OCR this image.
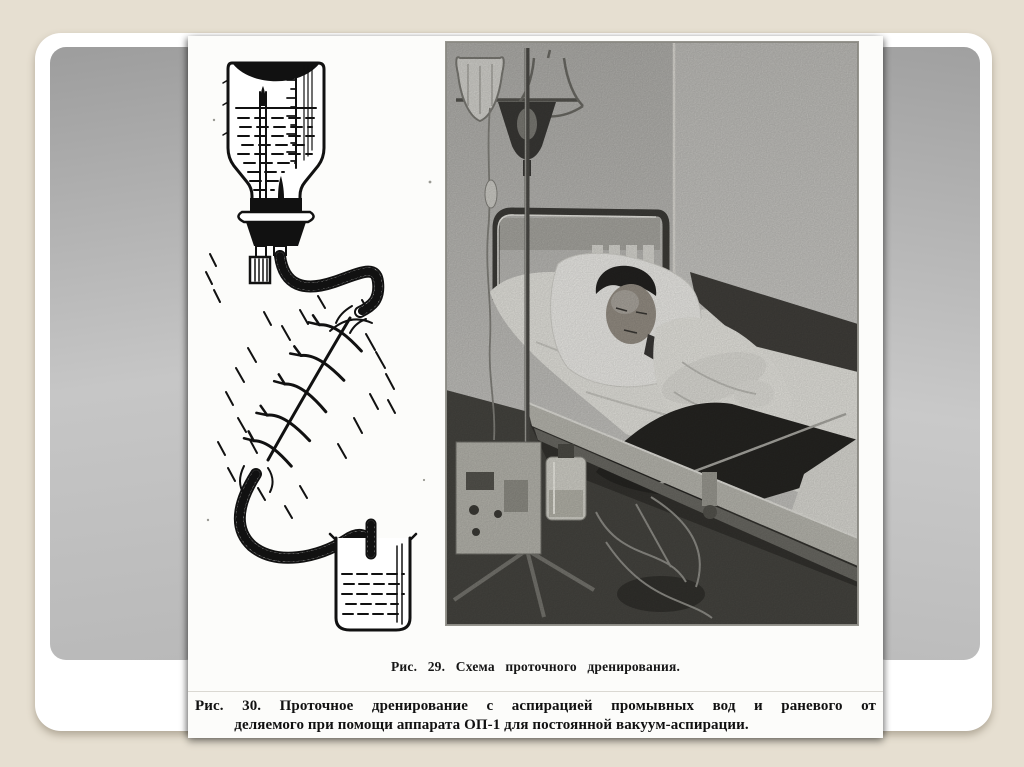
Рис. 29. Схема проточного дренирования.
Рис. 30. Проточное дренирование с аспирацией промывных вод и раневого от
деляемого при помощи аппарата ОП-1 для постоянной вакуум-аспирации.
